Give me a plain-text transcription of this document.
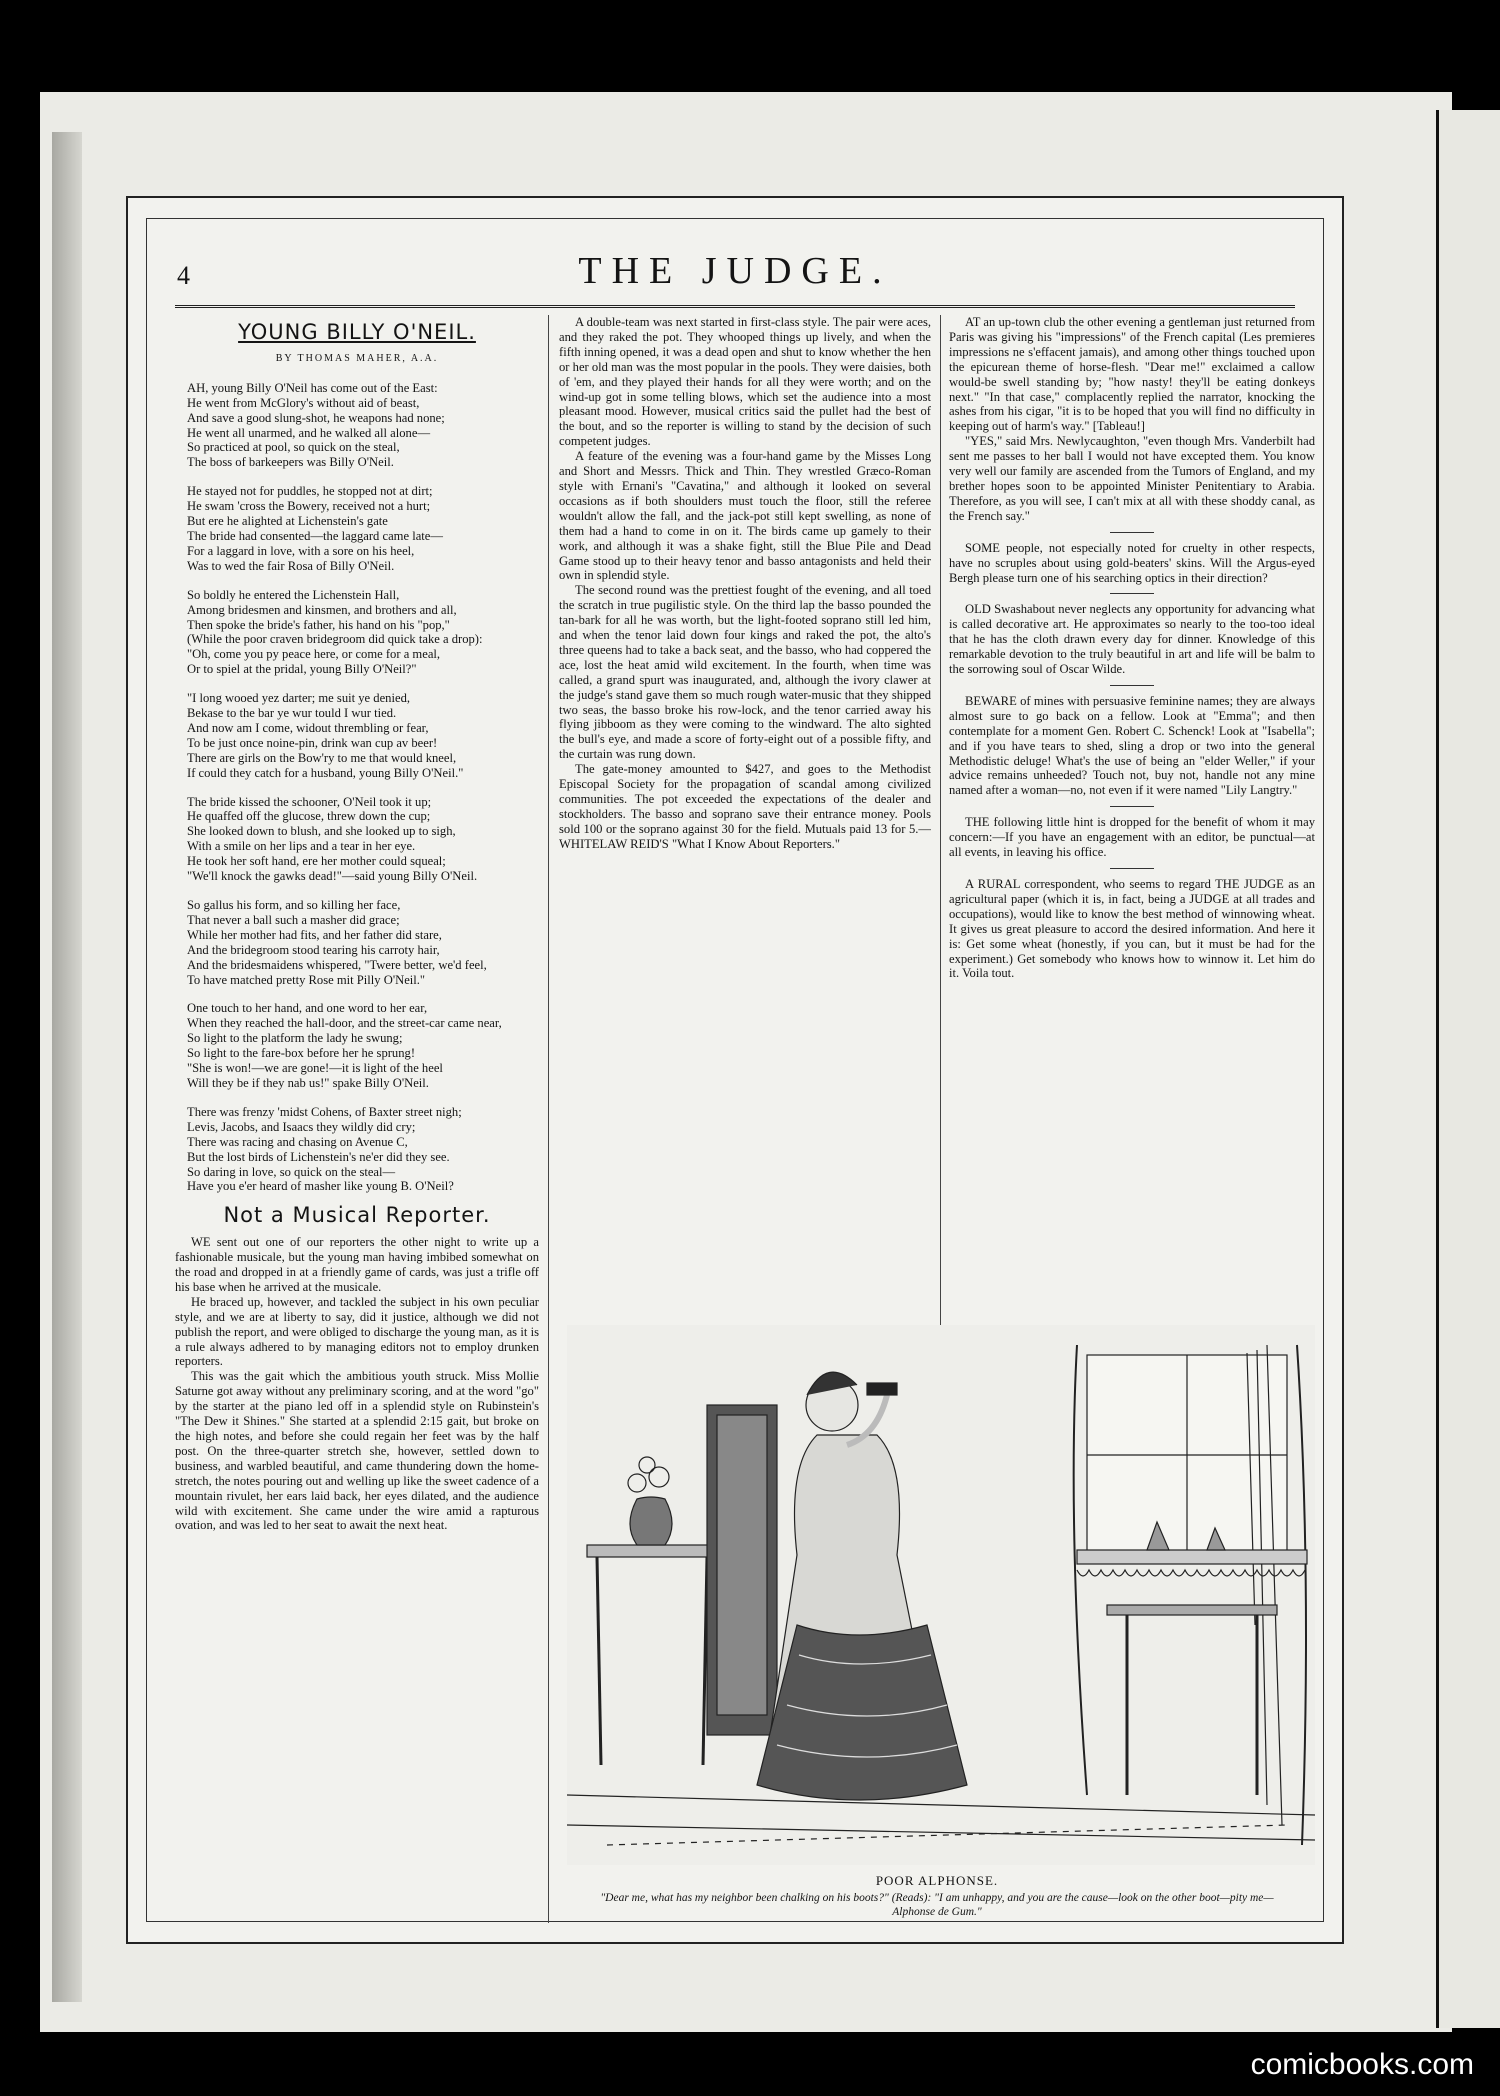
4	THE JUDGE.
YOUNG BILLY O'NEIL.
BY THOMAS MAHER, A.A.

AH, young Billy O'Neil has come out of the East:

He went from McGlory's without aid of beast,

And save a good slung-shot, he weapons had none;

He went all unarmed, and he walked all alone—

So practiced at pool, so quick on the steal,

The boss of barkeepers was Billy O'Neil.

He stayed not for puddles, he stopped not at dirt;

He swam 'cross the Bowery, received not a hurt;

But ere he alighted at Lichenstein's gate

The bride had consented—the laggard came late—

For a laggard in love, with a sore on his heel,

Was to wed the fair Rosa of Billy O'Neil.

So boldly he entered the Lichenstein Hall,

Among bridesmen and kinsmen, and brothers and all,

Then spoke the bride's father, his hand on his "pop,"

(While the poor craven bridegroom did quick take a drop):

"Oh, come you py peace here, or come for a meal,

Or to spiel at the pridal, young Billy O'Neil?"

"I long wooed yez darter; me suit ye denied,

Bekase to the bar ye wur tould I wur tied.

And now am I come, widout thrembling or fear,

To be just once noine-pin, drink wan cup av beer!

There are girls on the Bow'ry to me that would kneel,

If could they catch for a husband, young Billy O'Neil."

The bride kissed the schooner, O'Neil took it up;

He quaffed off the glucose, threw down the cup;

She looked down to blush, and she looked up to sigh,

With a smile on her lips and a tear in her eye.

He took her soft hand, ere her mother could squeal;

"We'll knock the gawks dead!"—said young Billy O'Neil.

So gallus his form, and so killing her face,

That never a ball such a masher did grace;

While her mother had fits, and her father did stare,

And the bridegroom stood tearing his carroty hair,

And the bridesmaidens whispered, "Twere better, we'd feel,

To have matched pretty Rose mit Pilly O'Neil."

One touch to her hand, and one word to her ear,

When they reached the hall-door, and the street-car came near,

So light to the platform the lady he swung;

So light to the fare-box before her he sprung!

"She is won!—we are gone!—it is light of the heel

Will they be if they nab us!" spake Billy O'Neil.

There was frenzy 'midst Cohens, of Baxter street nigh;

Levis, Jacobs, and Isaacs they wildly did cry;

There was racing and chasing on Avenue C,

But the lost birds of Lichenstein's ne'er did they see.

So daring in love, so quick on the steal—

Have you e'er heard of masher like young B. O'Neil?

Not a Musical Reporter.

WE sent out one of our reporters the other night to write up a fashionable musicale, but the young man having imbibed somewhat on the road and dropped in at a friendly game of cards, was just a trifle off his base when he arrived at the musicale.

He braced up, however, and tackled the subject in his own peculiar style, and we are at liberty to say, did it justice, although we did not publish the report, and were obliged to discharge the young man, as it is a rule always adhered to by managing editors not to employ drunken reporters.

This was the gait which the ambitious youth struck. Miss Mollie Saturne got away without any preliminary scoring, and at the word "go" by the starter at the piano led off in a splendid style on Rubinstein's "The Dew it Shines." She started at a splendid 2:15 gait, but broke on the high notes, and before she could regain her feet was by the half post. On the three-quarter stretch she, however, settled down to business, and warbled beautiful, and came thundering down the home-stretch, the notes pouring out and welling up like the sweet cadence of a mountain rivulet, her ears laid back, her eyes dilated, and the audience wild with excitement. She came under the wire amid a rapturous ovation, and was led to her seat to await the next heat.

A double-team was next started in first-class style. The pair were aces, and they raked the pot. They whooped things up lively, and when the fifth inning opened, it was a dead open and shut to know whether the hen or her old man was the most popular in the pools. They were daisies, both of 'em, and they played their hands for all they were worth; and on the wind-up got in some telling blows, which set the audience into a most pleasant mood. However, musical critics said the pullet had the best of the bout, and so the reporter is willing to stand by the decision of such competent judges.

A feature of the evening was a four-hand game by the Misses Long and Short and Messrs. Thick and Thin. They wrestled Græco-Roman style with Ernani's "Cavatina," and although it looked on several occasions as if both shoulders must touch the floor, still the referee wouldn't allow the fall, and the jack-pot still kept swelling, as none of them had a hand to come in on it. The birds came up gamely to their work, and although it was a shake fight, still the Blue Pile and Dead Game stood up to their heavy tenor and basso antagonists and held their own in splendid style.

The second round was the prettiest fought of the evening, and all toed the scratch in true pugilistic style. On the third lap the basso pounded the tan-bark for all he was worth, but the light-footed soprano still led him, and when the tenor laid down four kings and raked the pot, the alto's three queens had to take a back seat, and the basso, who had coppered the ace, lost the heat amid wild excitement. In the fourth, when time was called, a grand spurt was inaugurated, and, although the ivory clawer at the judge's stand gave them so much rough water-music that they shipped two seas, the basso broke his row-lock, and the tenor carried away his flying jibboom as they were coming to the windward. The alto sighted the bull's eye, and made a score of forty-eight out of a possible fifty, and the curtain was rung down.

The gate-money amounted to $427, and goes to the Methodist Episcopal Society for the propagation of scandal among civilized communities. The pot exceeded the expectations of the dealer and stockholders. The basso and soprano save their entrance money. Pools sold 100 or the soprano against 30 for the field. Mutuals paid 13 for 5.—WHITELAW REID'S "What I Know About Reporters."

AT an up-town club the other evening a gentleman just returned from Paris was giving his "impressions" of the French capital (Les premieres impressions ne s'effacent jamais), and among other things touched upon the epicurean theme of horse-flesh. "Dear me!" exclaimed a callow would-be swell standing by; "how nasty! they'll be eating donkeys next." "In that case," complacently replied the narrator, knocking the ashes from his cigar, "it is to be hoped that you will find no difficulty in keeping out of harm's way." [Tableau!]

"YES," said Mrs. Newlycaughton, "even though Mrs. Vanderbilt had sent me passes to her ball I would not have excepted them. You know very well our family are ascended from the Tumors of England, and my brether hopes soon to be appointed Minister Penitentiary to Arabia. Therefore, as you will see, I can't mix at all with these shoddy canal, as the French say."

SOME people, not especially noted for cruelty in other respects, have no scruples about using gold-beaters' skins. Will the Argus-eyed Bergh please turn one of his searching optics in their direction?

OLD Swashabout never neglects any opportunity for advancing what is called decorative art. He approximates so nearly to the too-too ideal that he has the cloth drawn every day for dinner. Knowledge of this remarkable devotion to the truly beautiful in art and life will be balm to the sorrowing soul of Oscar Wilde.

BEWARE of mines with persuasive feminine names; they are always almost sure to go back on a fellow. Look at "Emma"; and then contemplate for a moment Gen. Robert C. Schenck! Look at "Isabella"; and if you have tears to shed, sling a drop or two into the general Methodistic deluge! What's the use of being an "elder Weller," if your advice remains unheeded? Touch not, buy not, handle not any mine named after a woman—no, not even if it were named "Lily Langtry."

THE following little hint is dropped for the benefit of whom it may concern:—If you have an engagement with an editor, be punctual—at all events, in leaving his office.

A RURAL correspondent, who seems to regard THE JUDGE as an agricultural paper (which it is, in fact, being a JUDGE at all trades and occupations), would like to know the best method of winnowing wheat. It gives us great pleasure to accord the desired information. And here it is: Get some wheat (honestly, if you can, but it must be had for the experiment.) Get somebody who knows how to winnow it. Let him do it. Voila tout.

POOR ALPHONSE.
"Dear me, what has my neighbor been chalking on his boots?" (Reads): "I am unhappy, and you are the cause—look on the other boot—pity me—Alphonse de Gum."
comicbooks.com
